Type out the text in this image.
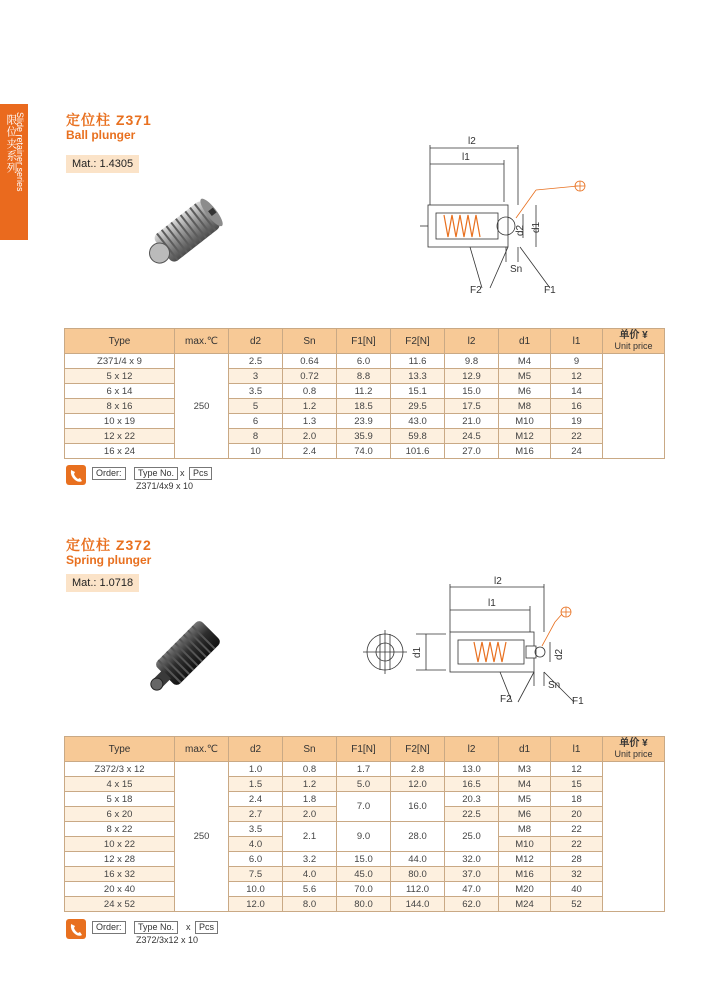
Slide retainer series
限位夹系列	定位柱 Z371
Ball plunger
Mat.: 1.4305
l2
l1
d2 d1
Sn
F2	F1
Type	max.℃	d2	Sn	F1[N]	F2[N]	l2	d1	l1	单价 ¥
Unit price
Z371/4 x 9	250	2.5	0.64	6.0	11.6	9.8	M4	9	
5 x 12		3	0.72	8.8	13.3	12.9	M5	12	
6 x 14		3.5	0.8	11.2	15.1	15.0	M6	14	
8 x 16		5	1.2	18.5	29.5	17.5	M8	16	
10 x 19		6	1.3	23.9	43.0	21.0	M10	19	
12 x 22		8	2.0	35.9	59.8	24.5	M12	22	
16 x 24		10	2.4	74.0	101.6	27.0	M16	24	
Order:	Type No. x Pcs
Z371/4x9 x 10
定位柱 Z372
Spring plunger
Mat.: 1.0718	l2
l1
d1	d2
Sn
F2	F1
Type	max.℃	d2	Sn	F1[N]	F2[N]	l2	d1	l1	单价 ¥
Unit price
Z372/3 x 12	250	1.0	0.8	1.7	2.8	13.0	M3	12	
4 x 15		1.5	1.2	5.0	12.0	16.5	M4	15	
5 x 18		2.4	1.8	7.0	16.0	20.3	M5	18	
6 x 20		2.7	2.0			22.5	M6	20	
8 x 22		3.5	2.1	9.0	28.0	25.0	M8	22	
10 x 22		4.0					M10	22	
12 x 28		6.0	3.2	15.0	44.0	32.0	M12	28	
16 x 32		7.5	4.0	45.0	80.0	37.0	M16	32	
20 x 40		10.0	5.6	70.0	112.0	47.0	M20	40	
24 x 52		12.0	8.0	80.0	144.0	62.0	M24	52	
Order:	Type No.	x Pcs
Z372/3x12 x 10
